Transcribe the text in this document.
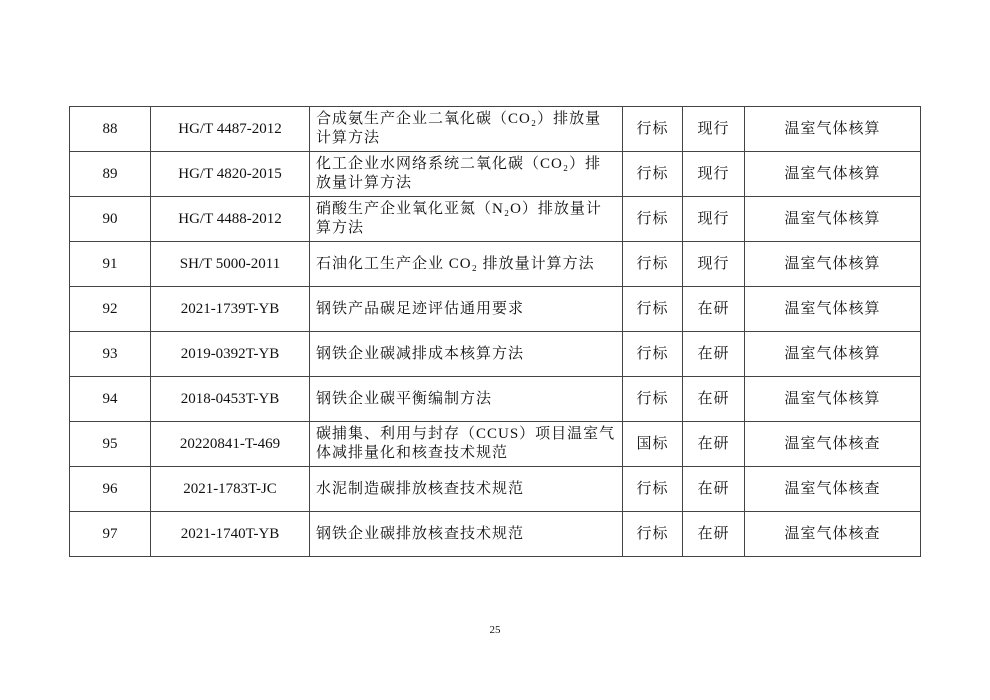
88	HG/T 4487-2012	合成氨生产企业二氧化碳（CO₂）排放量计算方法	行标	现行	温室气体核算
89	HG/T 4820-2015	化工企业水网络系统二氧化碳（CO₂）排放量计算方法	行标	现行	温室气体核算
90	HG/T 4488-2012	硝酸生产企业氧化亚氮（N₂O）排放量计算方法	行标	现行	温室气体核算
91	SH/T 5000-2011	石油化工生产企业 CO₂ 排放量计算方法	行标	现行	温室气体核算
92	2021-1739T-YB	钢铁产品碳足迹评估通用要求	行标	在研	温室气体核算
93	2019-0392T-YB	钢铁企业碳减排成本核算方法	行标	在研	温室气体核算
94	2018-0453T-YB	钢铁企业碳平衡编制方法	行标	在研	温室气体核算
95	20220841-T-469	碳捕集、利用与封存（CCUS）项目温室气体减排量化和核查技术规范	国标	在研	温室气体核查
96	2021-1783T-JC	水泥制造碳排放核查技术规范	行标	在研	温室气体核查
97	2021-1740T-YB	钢铁企业碳排放核查技术规范	行标	在研	温室气体核查
25
